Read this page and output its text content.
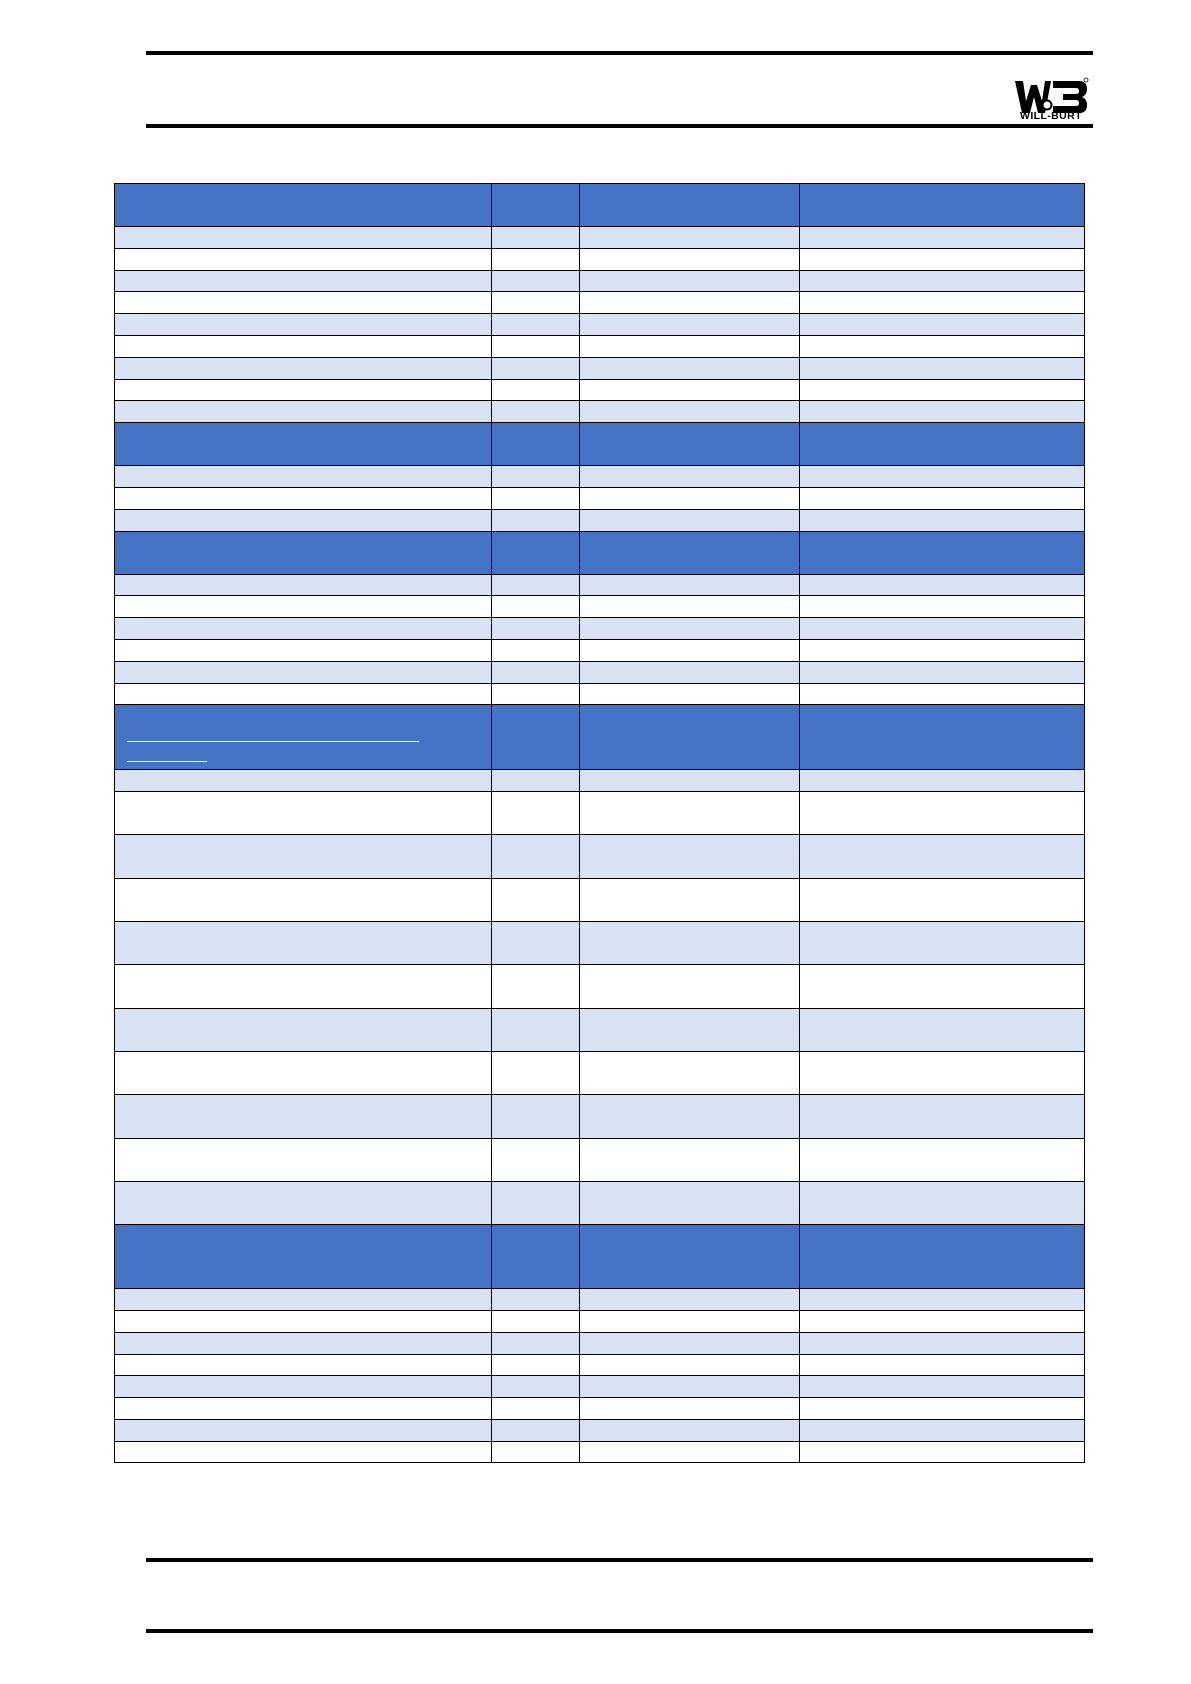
WILL-BURT
